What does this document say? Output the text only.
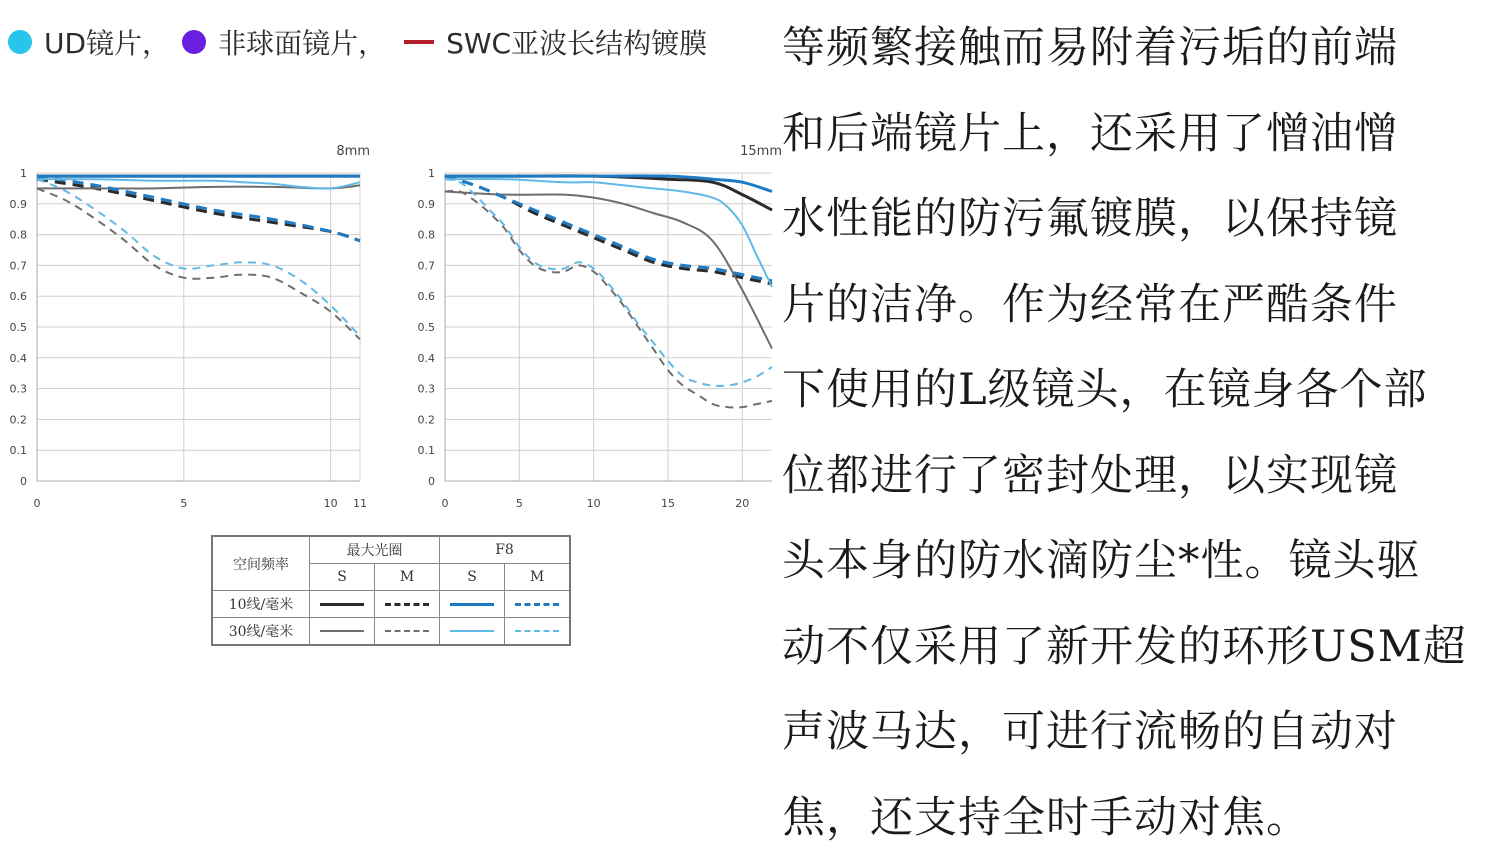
UD镜片， 非球面镜片， SWC亚波长结构镀膜
0
0.1
0.2
0.3
0.4
0.5
0.6
0.7
0.8
0.9
1
0	5	10 11
8mm
0
0.1
0.2
0.3
0.4
0.5
0.6
0.7
0.8
0.9
1
0	5	10	15	20
15mm
空间频率	最大光圈		F8	
	S	M	S	M
10线/毫米				
30线/毫米				

等频繁接触而易附着污垢的前端

和后端镜片上，还采用了憎油憎

水性能的防污氟镀膜，以保持镜

片的洁净。作为经常在严酷条件

下使用的L级镜头，在镜身各个部

位都进行了密封处理，以实现镜

头本身的防水滴防尘*性。镜头驱

动不仅采用了新开发的环形USM超

声波马达，可进行流畅的自动对

焦，还支持全时手动对焦。
